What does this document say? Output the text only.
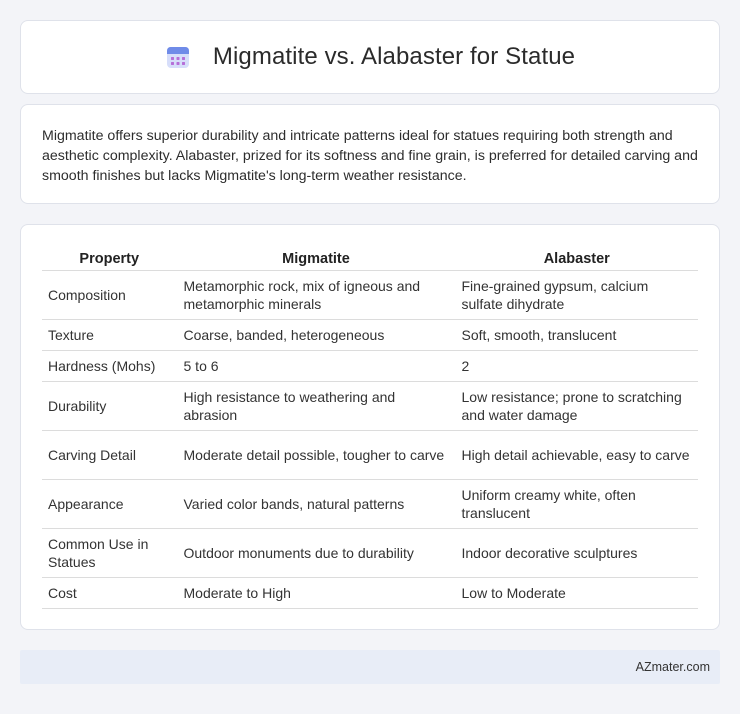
Migmatite vs. Alabaster for Statue

Migmatite offers superior durability and intricate patterns ideal for statues requiring both strength and aesthetic complexity. Alabaster, prized for its softness and fine grain, is preferred for detailed carving and smooth finishes but lacks Migmatite's long-term weather resistance.

Property	Migmatite	Alabaster
Composition	Metamorphic rock, mix of igneous and metamorphic minerals	Fine-grained gypsum, calcium sulfate dihydrate
Texture	Coarse, banded, heterogeneous	Soft, smooth, translucent
Hardness (Mohs)	5 to 6	2
Durability	High resistance to weathering and abrasion	Low resistance; prone to scratching and water damage
Carving Detail	Moderate detail possible, tougher to carve	High detail achievable, easy to carve
Appearance	Varied color bands, natural patterns	Uniform creamy white, often translucent
Common Use in Statues	Outdoor monuments due to durability	Indoor decorative sculptures
Cost	Moderate to High	Low to Moderate
AZmater.com
